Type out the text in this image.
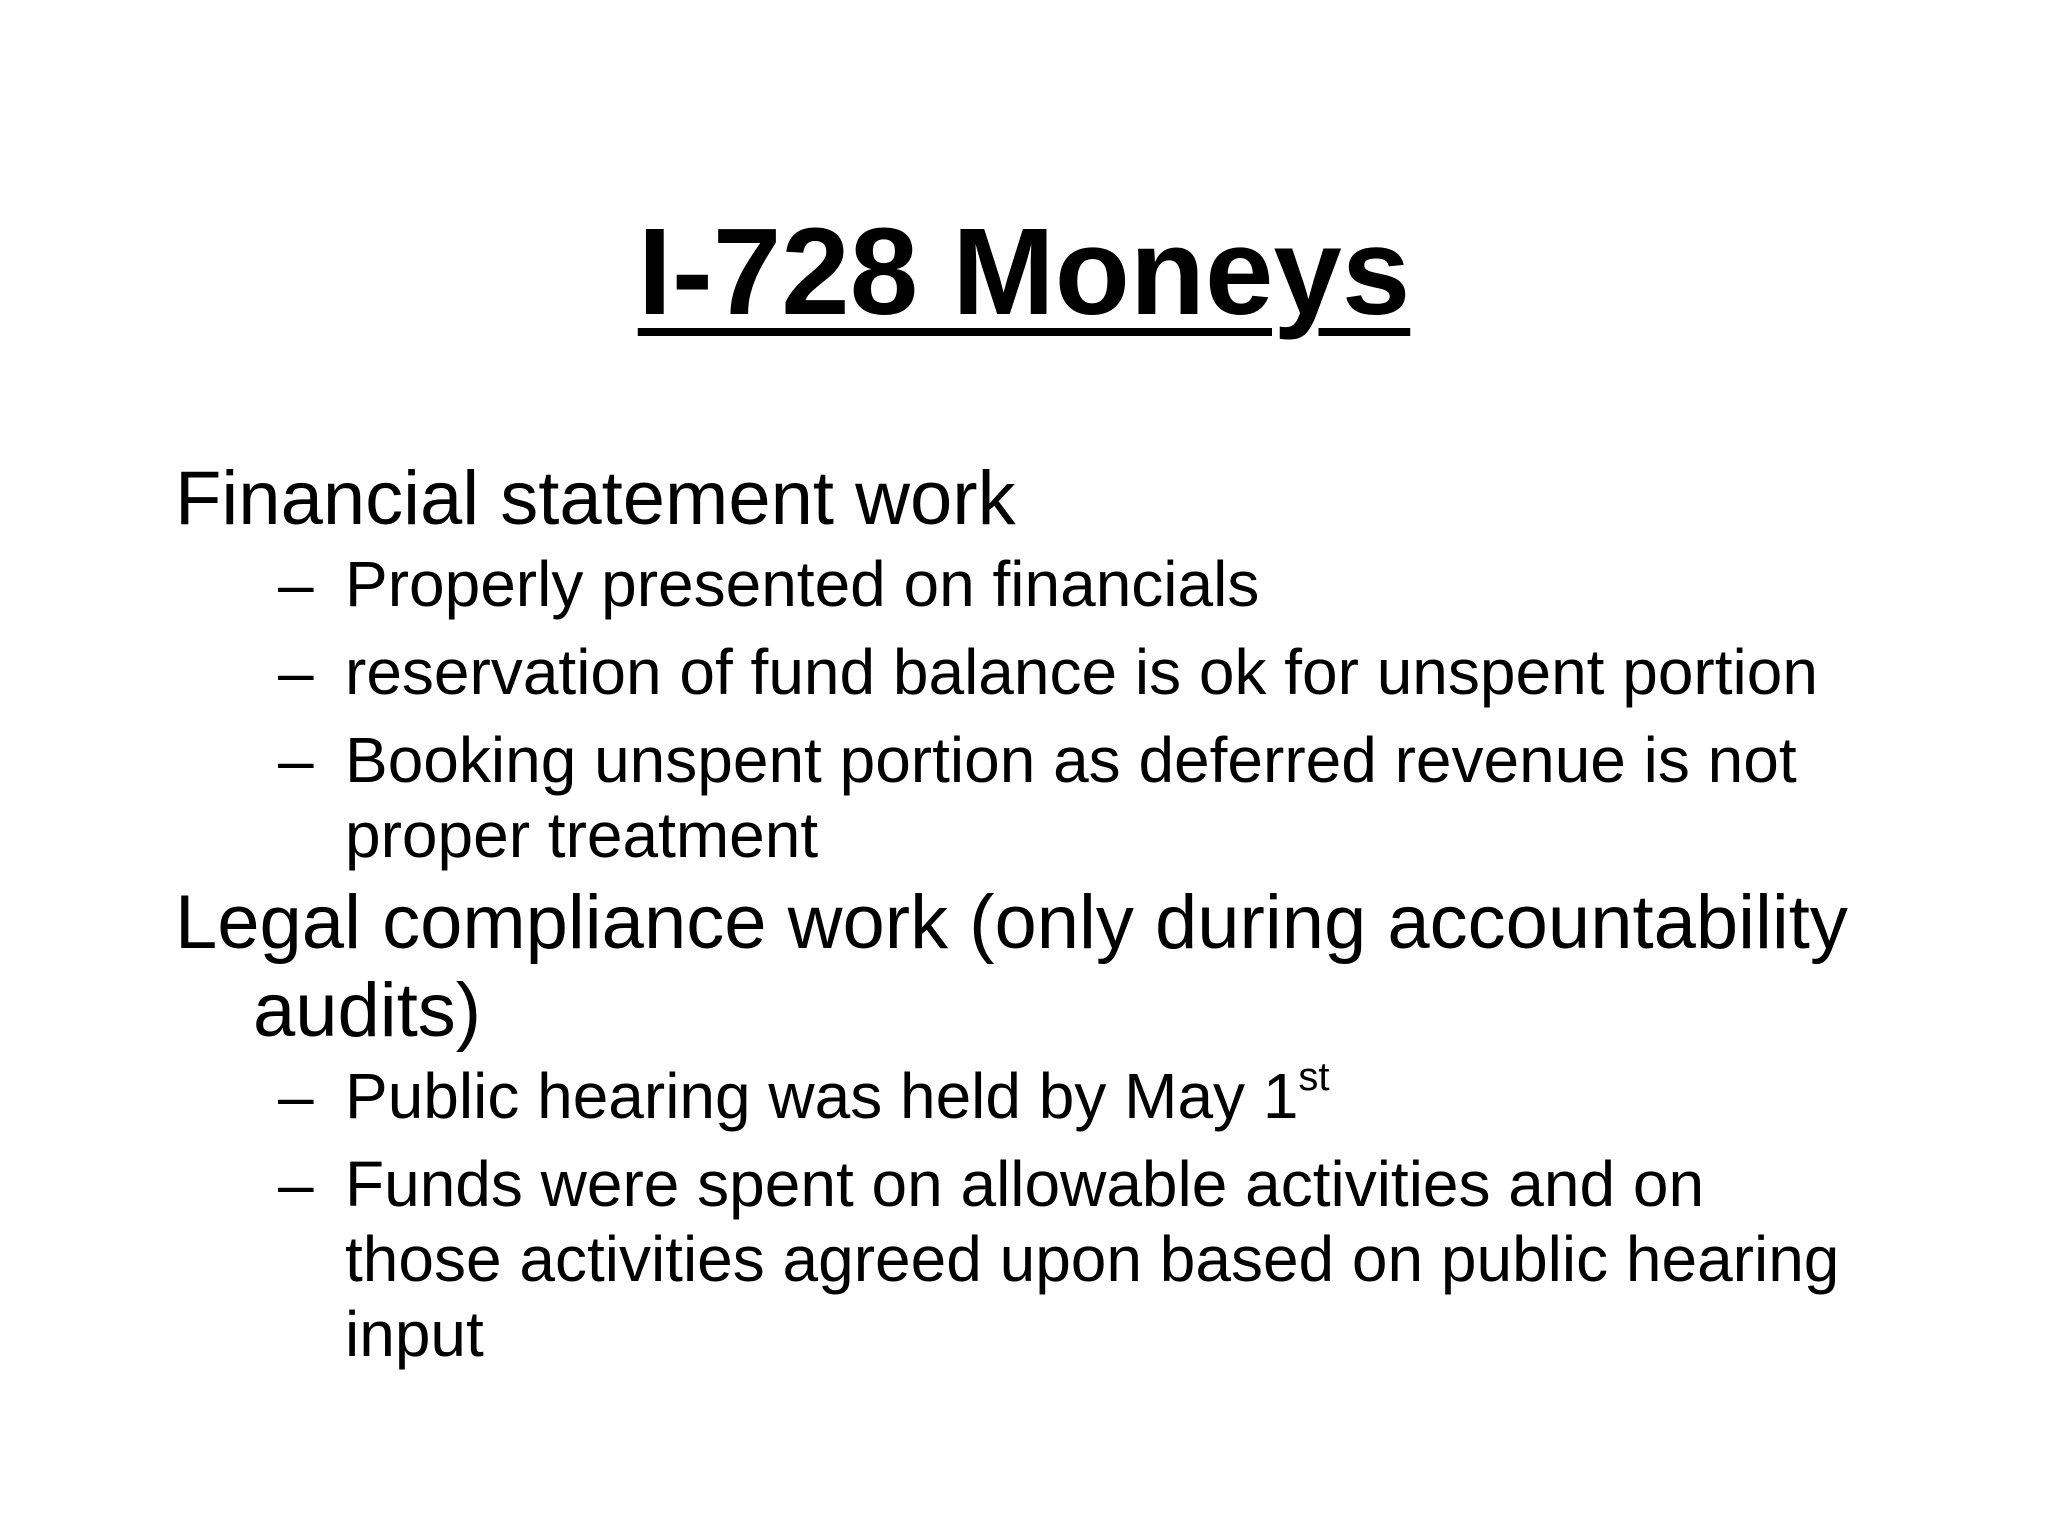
I-728 Moneys

Financial statement work

– Properly presented on financials

– reservation of fund balance is ok for unspent portion

– Booking unspent portion as deferred revenue is not proper treatment

Legal compliance work (only during accountability audits)

– Public hearing was held by May 1st

– Funds were spent on allowable activities and on those activities agreed upon based on public hearing input
